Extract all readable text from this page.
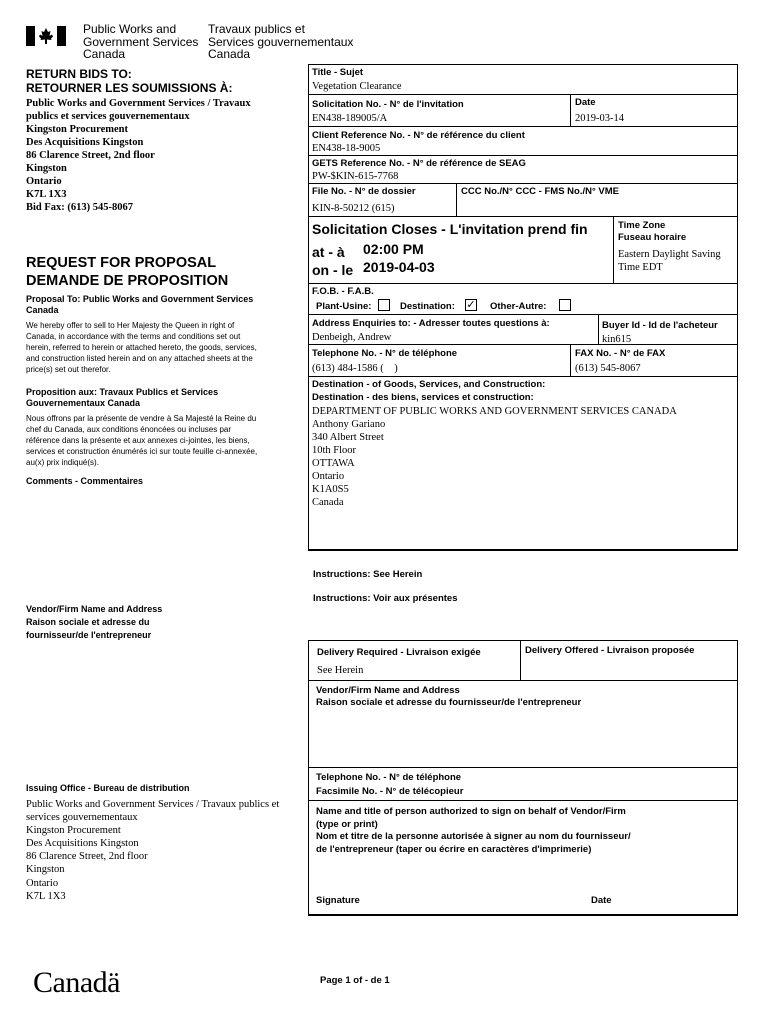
Public Works and
Government Services
Canada
Travaux publics et
Services gouvernementaux
Canada
RETURN BIDS TO:
RETOURNER LES SOUMISSIONS À:
Public Works and Government Services / Travaux
publics et services gouvernementaux
Kingston Procurement
Des Acquisitions Kingston
86 Clarence Street, 2nd floor
Kingston
Ontario
K7L 1X3
Bid Fax: (613) 545-8067
REQUEST FOR PROPOSAL
DEMANDE DE PROPOSITION
Proposal To: Public Works and Government Services Canada
We hereby offer to sell to Her Majesty the Queen in right of Canada, in accordance with the terms and conditions set out herein, referred to herein or attached hereto, the goods, services, and construction listed herein and on any attached sheets at the price(s) set out therefor.
Proposition aux: Travaux Publics et Services Gouvernementaux Canada
Nous offrons par la présente de vendre à Sa Majesté la Reine du chef du Canada, aux conditions énoncées ou incluses par référence dans la présente et aux annexes ci-jointes, les biens, services et construction énumérés ici sur toute feuille ci-annexée, au(x) prix indiqué(s).
Comments - Commentaires
Vendor/Firm Name and Address
Raison sociale et adresse du
fournisseur/de l'entrepreneur
Issuing Office - Bureau de distribution
Public Works and Government Services / Travaux publics et
services gouvernementaux
Kingston Procurement
Des Acquisitions Kingston
86 Clarence Street, 2nd floor
Kingston
Ontario
K7L 1X3
Canadä
Title - Sujet
Vegetation Clearance
Solicitation No. - N° de l'invitation
EN438-189005/A
Date
2019-03-14
Client Reference No. - N° de référence du client
EN438-18-9005
GETS Reference No. - N° de référence de SEAG
PW-$KIN-615-7768
File No. - N° de dossier
KIN-8-50212 (615)
CCC No./N° CCC - FMS No./N° VME
Solicitation Closes - L'invitation prend fin
at - à 02:00 PM
on - le 2019-04-03
Time Zone
Fuseau horaire
Eastern Daylight Saving
Time EDT
F.O.B. - F.A.B.
Plant-Usine:	Destination: ✓ Other-Autre:
Address Enquiries to: - Adresser toutes questions à:
Denbeigh, Andrew
Buyer Id - Id de l'acheteur
kin615
Telephone No. - N° de téléphone
(613) 484-1586 (    )
FAX No. - N° de FAX
(613) 545-8067
Destination - of Goods, Services, and Construction:
Destination - des biens, services et construction:
DEPARTMENT OF PUBLIC WORKS AND GOVERNMENT SERVICES CANADA
Anthony Gariano
340 Albert Street
10th Floor
OTTAWA
Ontario
K1A0S5
Canada
Instructions: See Herein
Instructions: Voir aux présentes
Delivery Required - Livraison exigée
See Herein
Delivery Offered - Livraison proposée
Vendor/Firm Name and Address
Raison sociale et adresse du fournisseur/de l'entrepreneur
Telephone No. - N° de téléphone
Facsimile No. - N° de télécopieur
Name and title of person authorized to sign on behalf of Vendor/Firm
(type or print)
Nom et titre de la personne autorisée à signer au nom du fournisseur/
de l'entrepreneur (taper ou écrire en caractères d'imprimerie)
Signature	Date
Page 1 of - de 1
